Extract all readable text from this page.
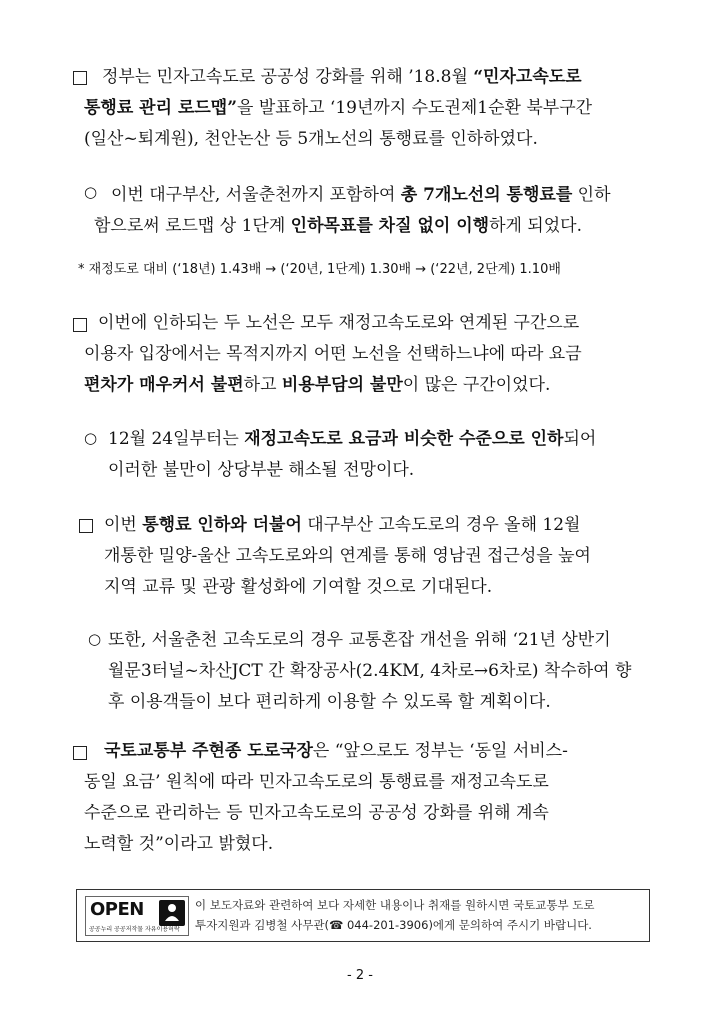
정부는 민자고속도로 공공성 강화를 위해 ’18.8월 “민자고속도로
통행료 관리 로드맵”을 발표하고 ‘19년까지 수도권제1순환 북부구간
(일산~퇴계원), 천안논산 등 5개노선의 통행료를 인하하였다.
○ 이번 대구부산, 서울춘천까지 포함하여 총 7개노선의 통행료를 인하
함으로써 로드맵 상 1단계 인하목표를 차질 없이 이행하게 되었다.
* 재정도로 대비 (‘18년) 1.43배 → (‘20년, 1단계) 1.30배 → (‘22년, 2단계) 1.10배
이번에 인하되는 두 노선은 모두 재정고속도로와 연계된 구간으로
이용자 입장에서는 목적지까지 어떤 노선을 선택하느냐에 따라 요금
편차가 매우커서 불편하고 비용부담의 불만이 많은 구간이었다.
○ 12월 24일부터는 재정고속도로 요금과 비슷한 수준으로 인하되어
이러한 불만이 상당부분 해소될 전망이다.
이번 통행료 인하와 더불어 대구부산 고속도로의 경우 올해 12월
개통한 밀양-울산 고속도로와의 연계를 통해 영남권 접근성을 높여
지역 교류 및 관광 활성화에 기여할 것으로 기대된다.
○ 또한, 서울춘천 고속도로의 경우 교통혼잡 개선을 위해 ‘21년 상반기
월문3터널~차산JCT 간 확장공사(2.4KM, 4차로→6차로) 착수하여 향
후 이용객들이 보다 편리하게 이용할 수 있도록 할 계획이다.
국토교통부 주현종 도로국장은 “앞으로도 정부는 ‘동일 서비스-
동일 요금’ 원칙에 따라 민자고속도로의 통행료를 재정고속도로
수준으로 관리하는 등 민자고속도로의 공공성 강화를 위해 계속
노력할 것”이라고 밝혔다.
OPEN
공공누리 공공저작물 자유이용허락
이 보도자료와 관련하여 보다 자세한 내용이나 취재를 원하시면 국토교통부 도로
투자지원과 김병철 사무관(☎ 044-201-3906)에게 문의하여 주시기 바랍니다.
- 2 -
